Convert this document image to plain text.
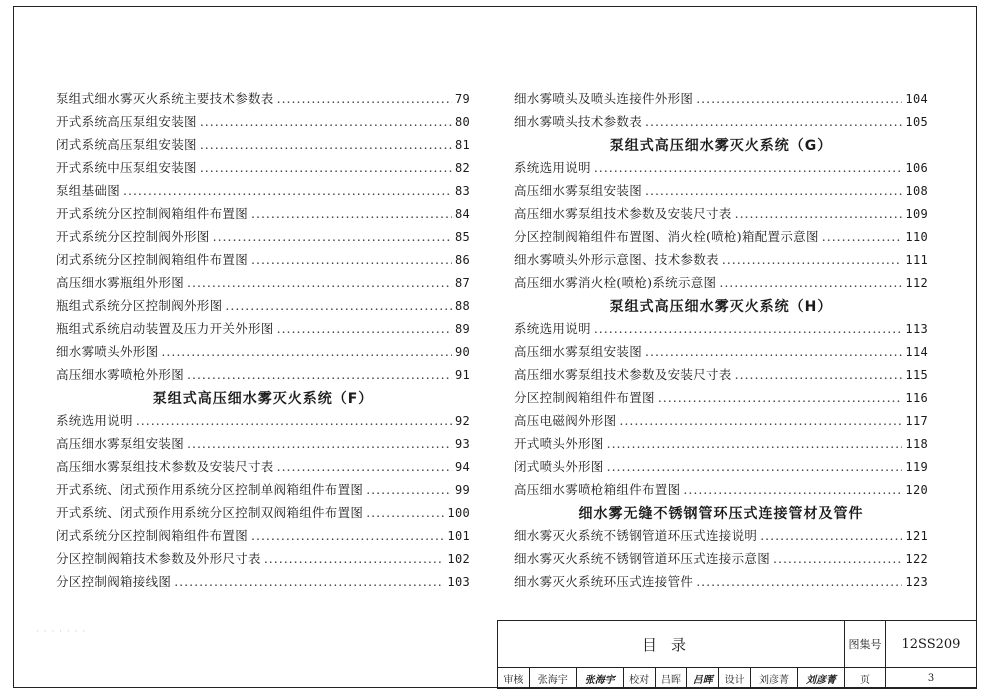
泵组式细水雾灭火系统主要技术参数表 .....	79
开式系统高压泵组安装图 .....	80
闭式系统高压泵组安装图 .....	81
开式系统中压泵组安装图 .....	82
泵组基础图 .....	83
开式系统分区控制阀箱组件布置图 .....	84
开式系统分区控制阀外形图 .....	85
闭式系统分区控制阀箱组件布置图 .....	86
高压细水雾瓶组外形图 .....	87
瓶组式系统分区控制阀外形图 .....	88
瓶组式系统启动装置及压力开关外形图 .....	89
细水雾喷头外形图 .....	90
高压细水雾喷枪外形图 .....	91
泵组式高压细水雾灭火系统（F）
系统选用说明 .....	92
高压细水雾泵组安装图 .....	93
高压细水雾泵组技术参数及安装尺寸表 .....	94
开式系统、闭式预作用系统分区控制单阀箱组件布置图 .....	99
开式系统、闭式预作用系统分区控制双阀箱组件布置图 .....	100
闭式系统分区控制阀箱组件布置图 .....	101
分区控制阀箱技术参数及外形尺寸表 .....	102
分区控制阀箱接线图 .....	103
细水雾喷头及喷头连接件外形图 .....	104
细水雾喷头技术参数表 .....	105
泵组式高压细水雾灭火系统（G）
系统选用说明 .....	106
高压细水雾泵组安装图 .....	108
高压细水雾泵组技术参数及安装尺寸表 .....	109
分区控制阀箱组件布置图、消火栓(喷枪)箱配置示意图 .....	110
细水雾喷头外形示意图、技术参数表 .....	111
高压细水雾消火栓(喷枪)系统示意图 .....	112
泵组式高压细水雾灭火系统（H）
系统选用说明 .....	113
高压细水雾泵组安装图 .....	114
高压细水雾泵组技术参数及安装尺寸表 .....	115
分区控制阀箱组件布置图 .....	116
高压电磁阀外形图 .....	117
开式喷头外形图 .....	118
闭式喷头外形图 .....	119
高压细水雾喷枪箱组件布置图 .....	120
细水雾无缝不锈钢管环压式连接管材及管件
细水雾灭火系统不锈钢管道环压式连接说明 .....	121
细水雾灭火系统不锈钢管道环压式连接示意图 .....	122
细水雾灭火系统环压式连接管件 .....	123
· · · · · · ·
目录									图集号	12SS209
审核	张海宇	张海宇	校对	吕晖	吕晖	设计	刘彦菁	刘彦菁	页	3
